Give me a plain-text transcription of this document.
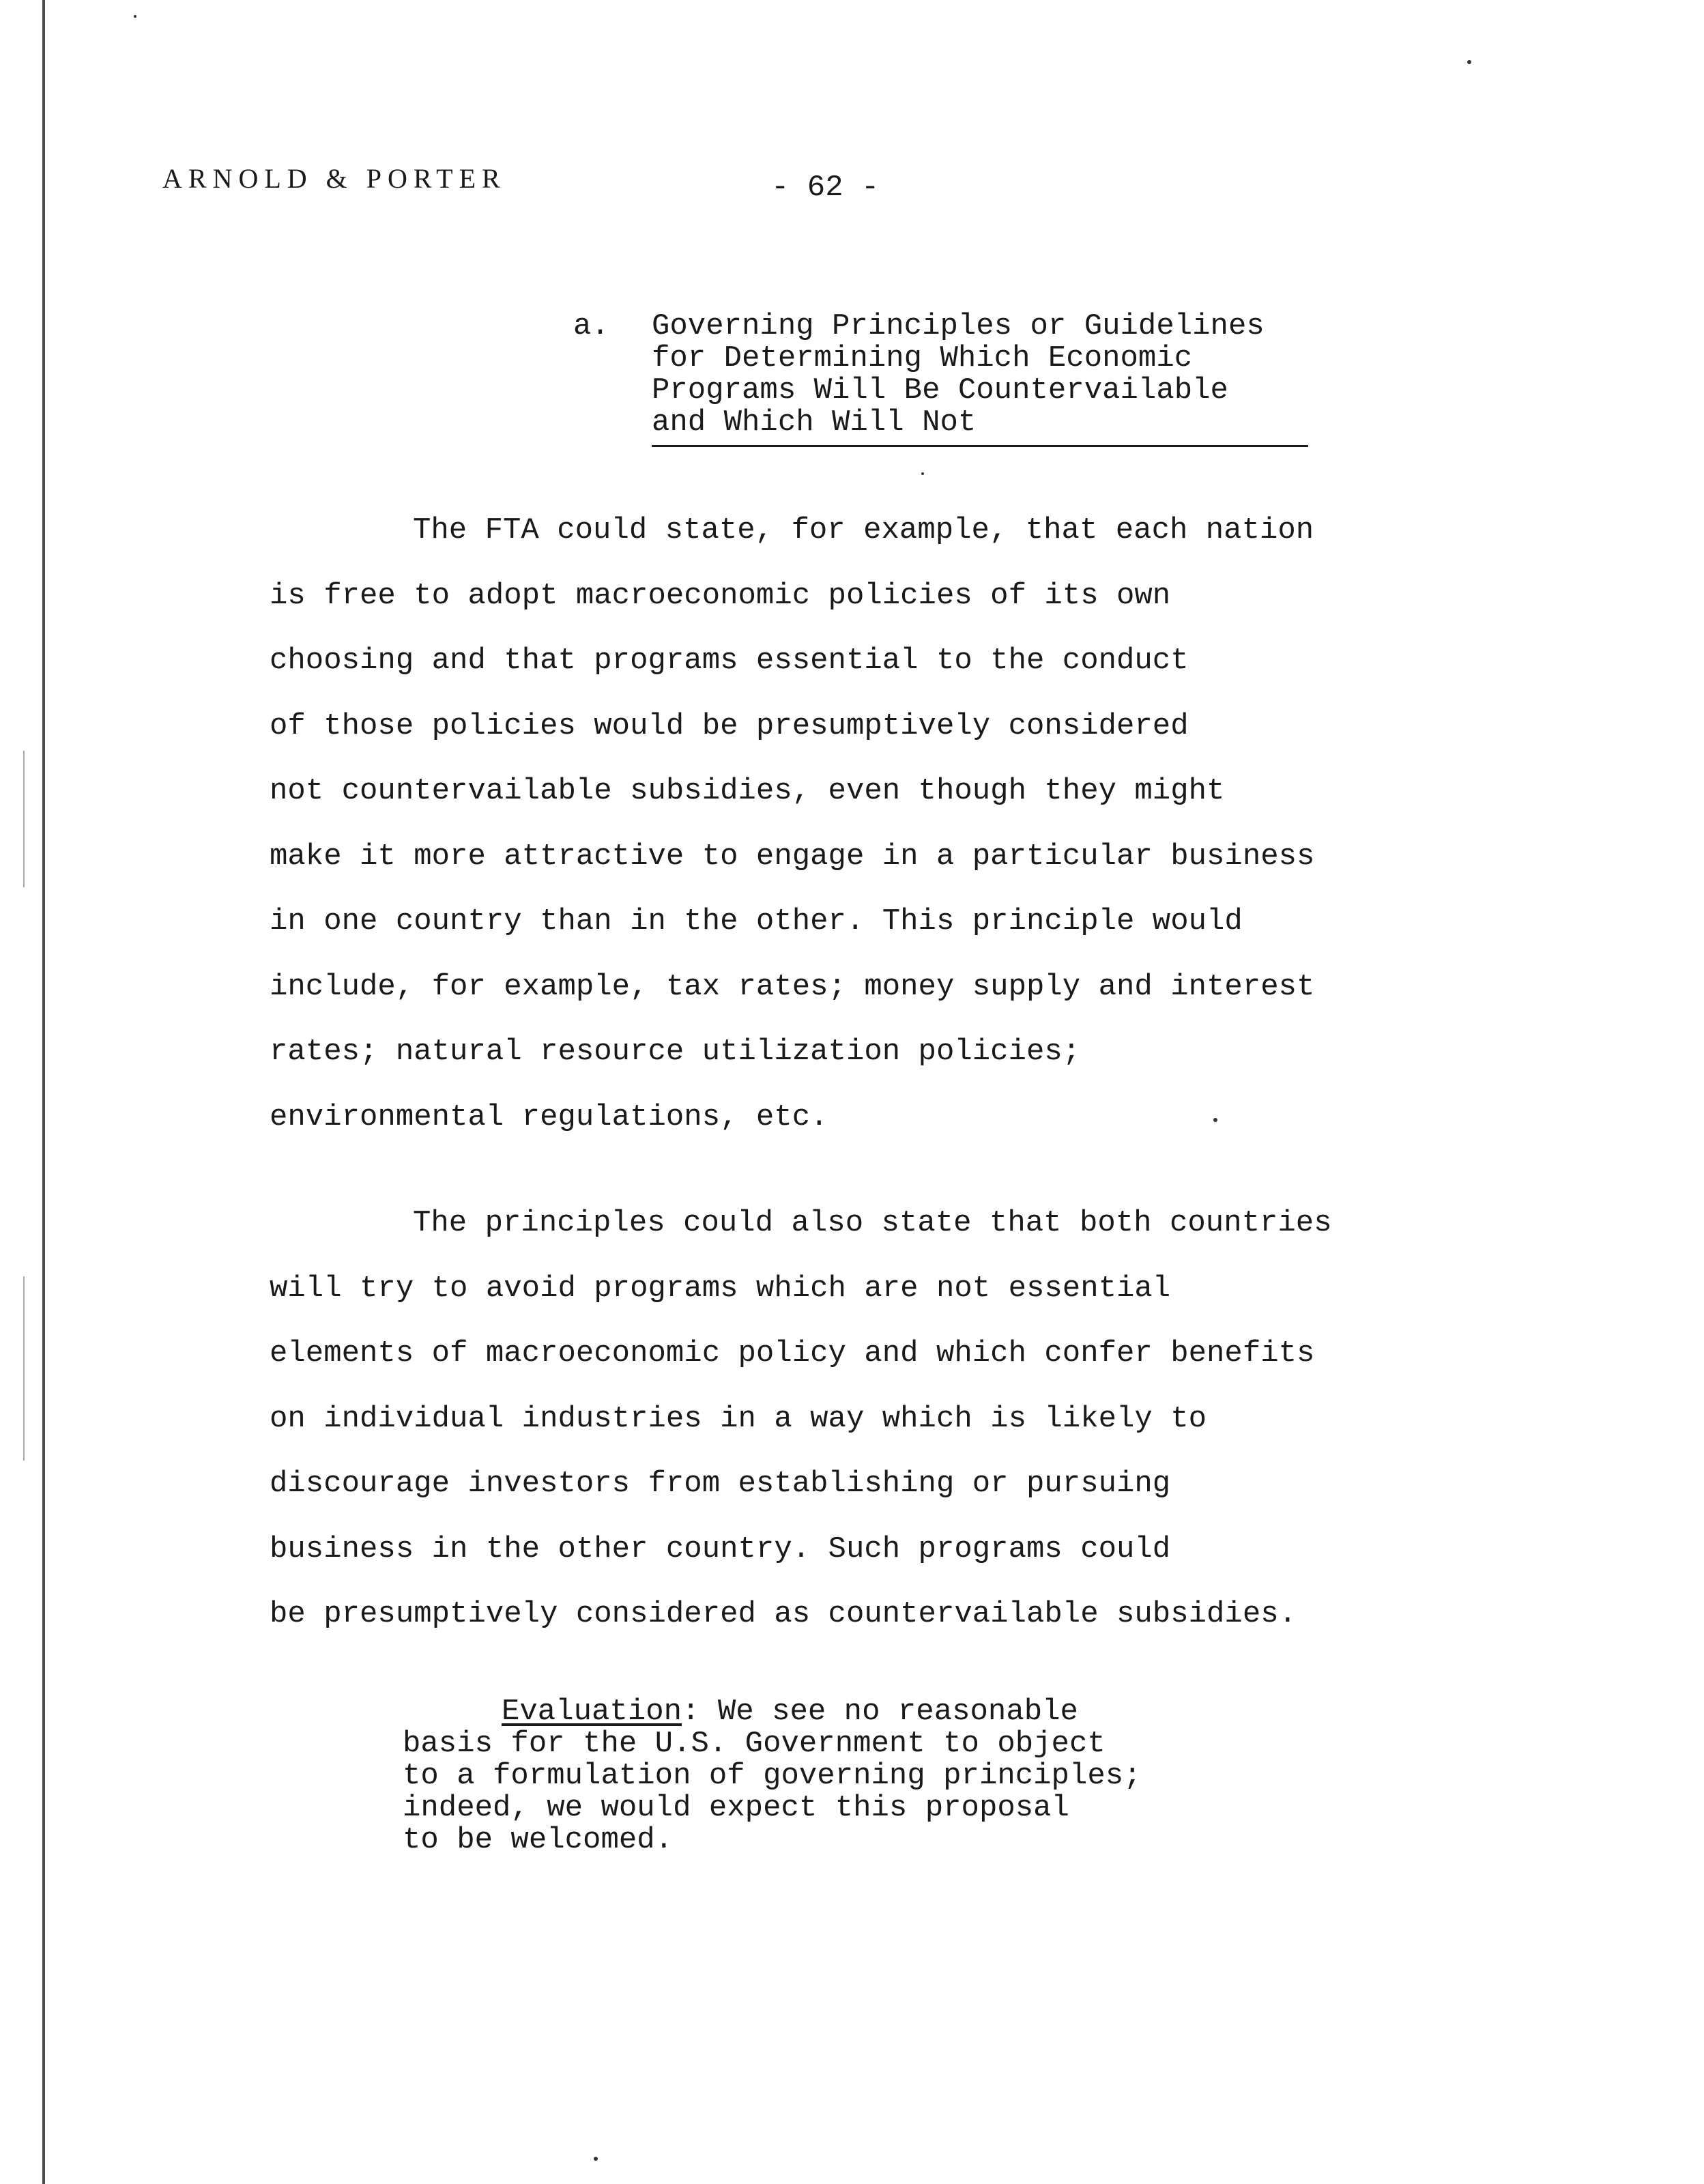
ARNOLD & PORTER	- 62 -
a. Governing Principles or Guidelines
for Determining Which Economic
Programs Will Be Countervailable
and Which Will Not
The FTA could state, for example, that each nation
is free to adopt macroeconomic policies of its own
choosing and that programs essential to the conduct
of those policies would be presumptively considered
not countervailable subsidies, even though they might
make it more attractive to engage in a particular business
in one country than in the other. This principle would
include, for example, tax rates; money supply and interest
rates; natural resource utilization policies;
environmental regulations, etc.
The principles could also state that both countries
will try to avoid programs which are not essential
elements of macroeconomic policy and which confer benefits
on individual industries in a way which is likely to
discourage investors from establishing or pursuing
business in the other country. Such programs could
be presumptively considered as countervailable subsidies.
Evaluation: We see no reasonable
basis for the U.S. Government to object
to a formulation of governing principles;
indeed, we would expect this proposal
to be welcomed.
